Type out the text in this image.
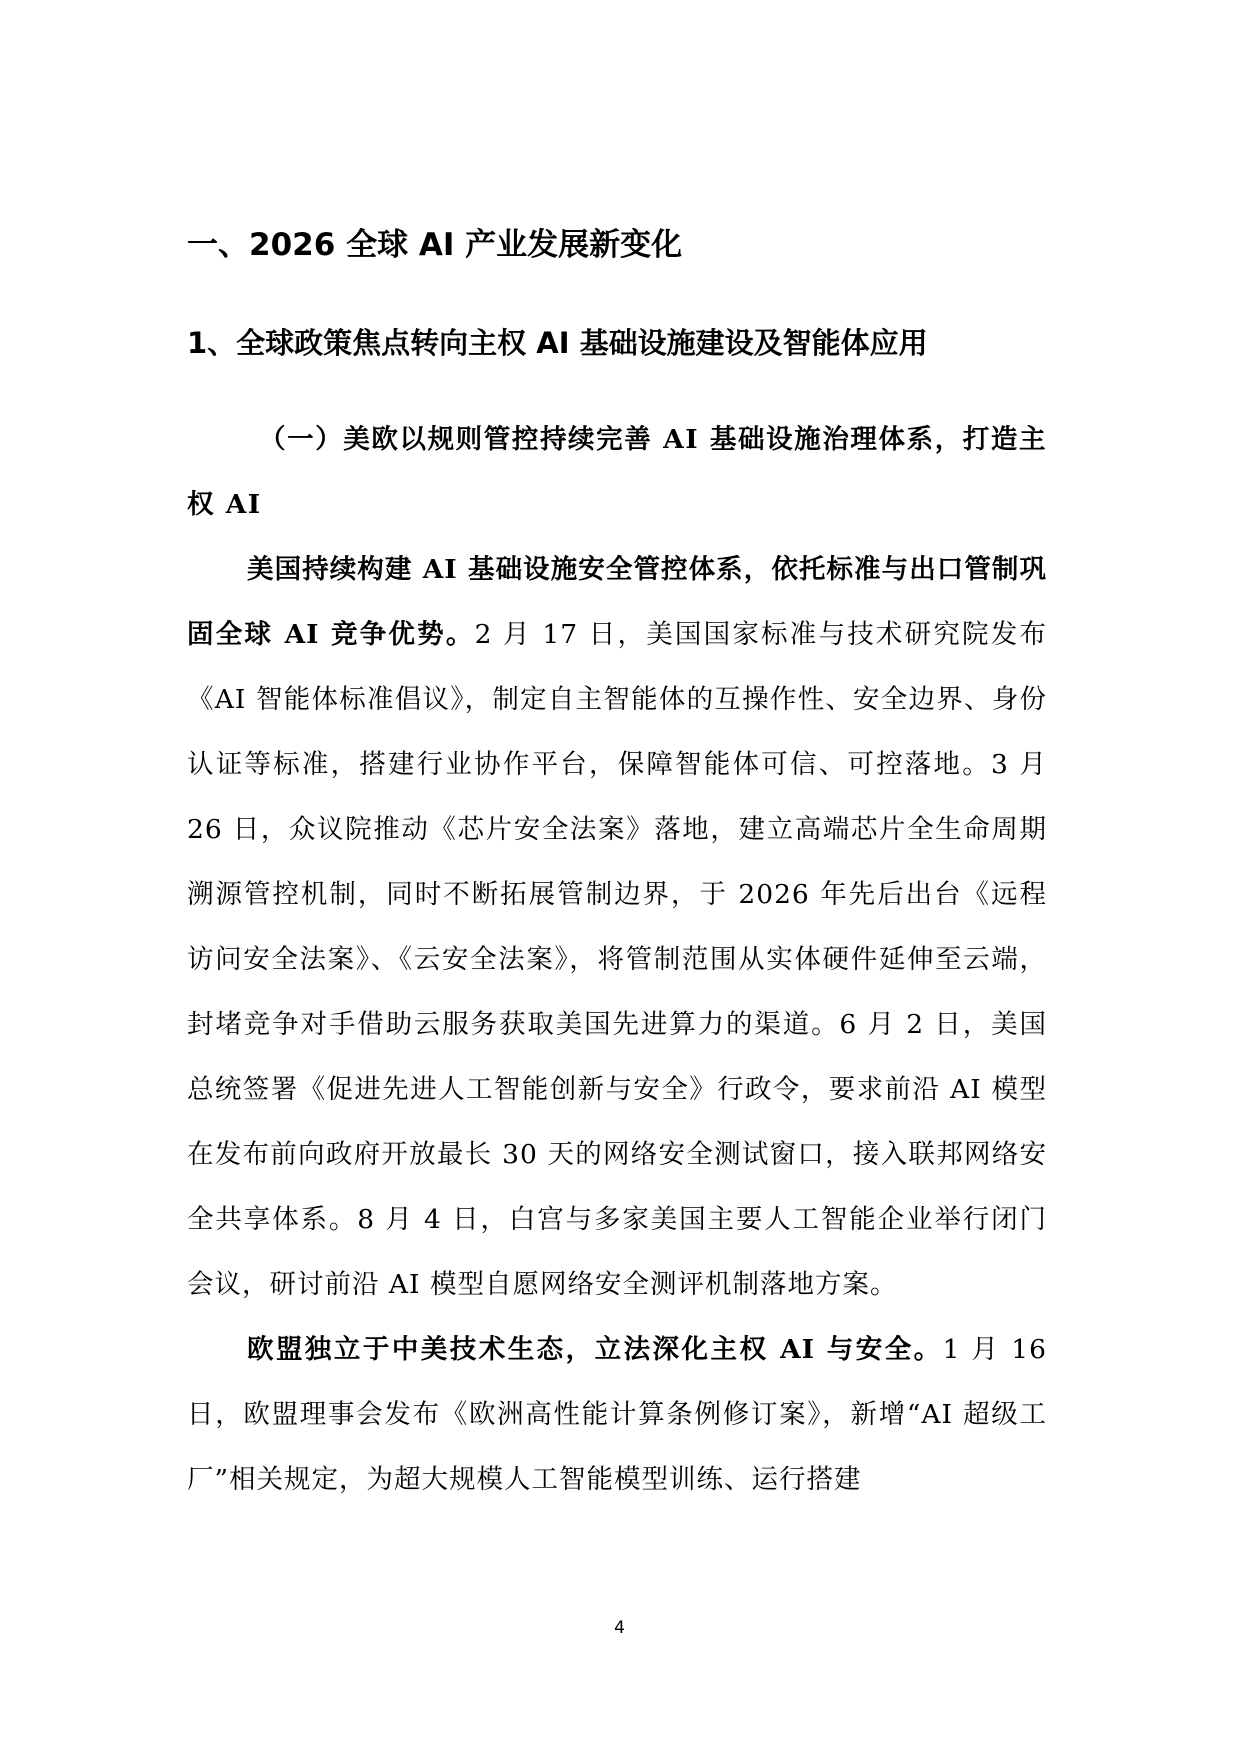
一、2026 全球 AI 产业发展新变化
1、全球政策焦点转向主权 AI 基础设施建设及智能体应用
（一）美欧以规则管控持续完善 AI 基础设施治理体系，打造主权 AI

美国持续构建 AI 基础设施安全管控体系，依托标准与出口管制巩固全球 AI 竞争优势。2 月 17 日，美国国家标准与技术研究院发布《AI 智能体标准倡议》，制定自主智能体的互操作性、安全边界、身份认证等标准，搭建行业协作平台，保障智能体可信、可控落地。3 月 26 日，众议院推动《芯片安全法案》落地，建立高端芯片全生命周期溯源管控机制，同时不断拓展管制边界，于 2026 年先后出台《远程访问安全法案》、《云安全法案》，将管制范围从实体硬件延伸至云端，封堵竞争对手借助云服务获取美国先进算力的渠道。6 月 2 日，美国总统签署《促进先进人工智能创新与安全》行政令，要求前沿 AI 模型在发布前向政府开放最长 30 天的网络安全测试窗口，接入联邦网络安全共享体系。8 月 4 日，白宫与多家美国主要人工智能企业举行闭门会议，研讨前沿 AI 模型自愿网络安全测评机制落地方案。

欧盟独立于中美技术生态，立法深化主权 AI 与安全。1 月 16 日，欧盟理事会发布《欧洲高性能计算条例修订案》，新增“AI 超级工厂”相关规定，为超大规模人工智能模型训练、运行搭建

4
